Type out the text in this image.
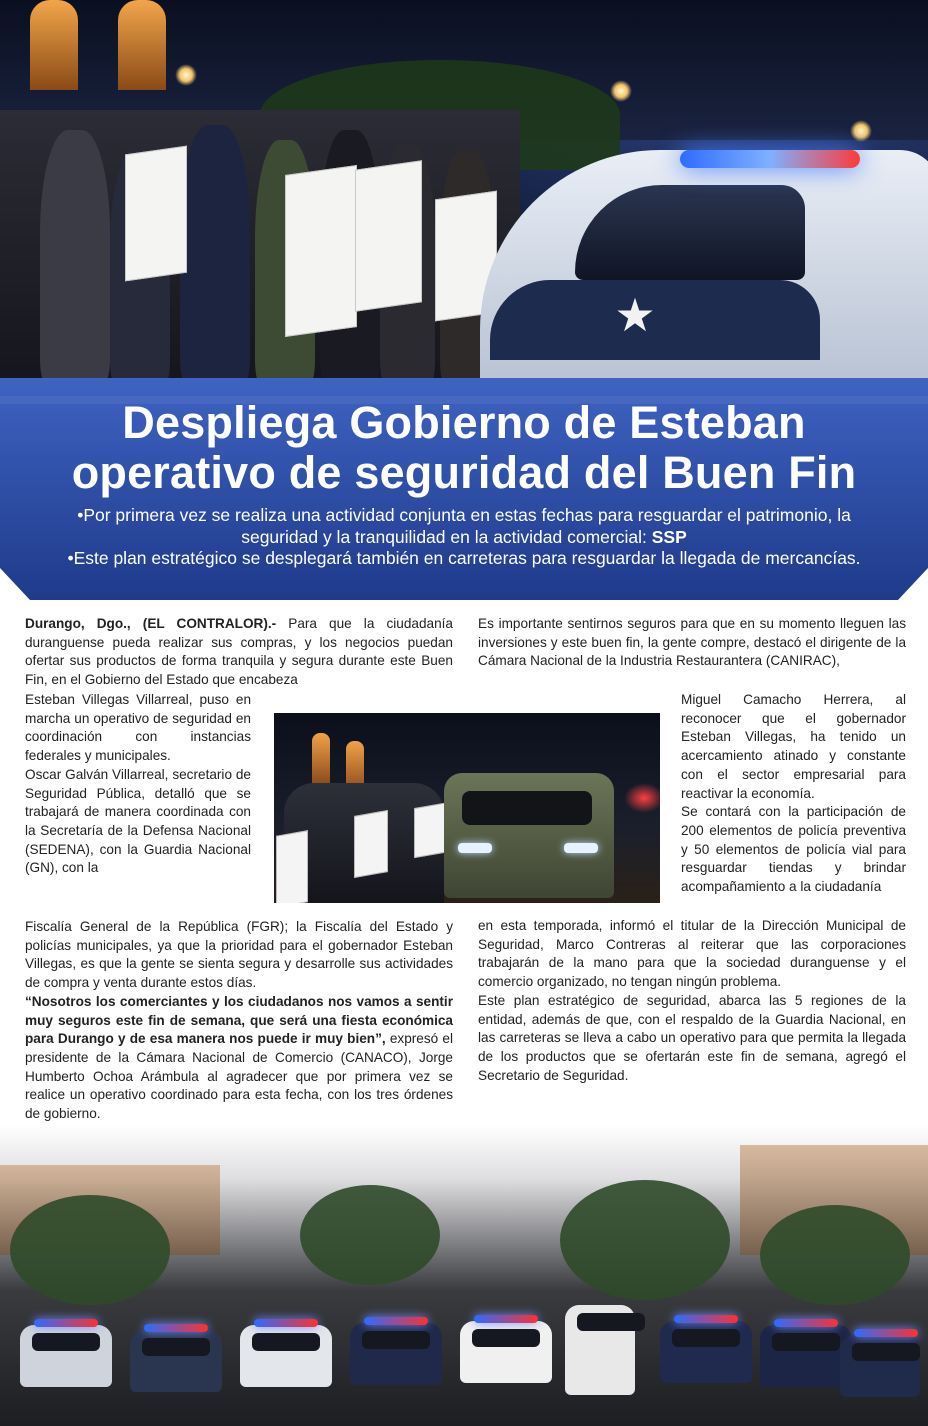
★
Despliega Gobierno de Esteban
operativo de seguridad del Buen Fin
•Por primera vez se realiza una actividad conjunta en estas fechas para resguardar el patrimonio, la seguridad y la tranquilidad en la actividad comercial: SSP
•Este plan estratégico se desplegará también en carreteras para resguardar la llegada de mercancías.

Durango, Dgo., (EL CONTRALOR).- Para que la ciudadanía duranguense pueda realizar sus compras, y los negocios puedan ofertar sus productos de forma tranquila y segura durante este Buen Fin, en el Gobierno del Estado que encabeza

Esteban Villegas Villarreal, puso en marcha un operativo de seguridad en coordinación con instancias federales y municipales.

Oscar Galván Villarreal, secretario de Seguridad Pública, detalló que se trabajará de manera coordinada con la Secretaría de la Defensa Nacional (SEDENA), con la Guardia Nacional (GN), con la

Fiscalía General de la República (FGR); la Fiscalía del Estado y policías municipales, ya que la prioridad para el gobernador Esteban Villegas, es que la gente se sienta segura y desarrolle sus actividades de compra y venta durante estos días.

“Nosotros los comerciantes y los ciudadanos nos vamos a sentir muy seguros este fin de semana, que será una fiesta económica para Durango y de esa manera nos puede ir muy bien”, expresó el presidente de la Cámara Nacional de Comercio (CANACO), Jorge Humberto Ochoa Arámbula al agradecer que por primera vez se realice un operativo coordinado para esta fecha, con los tres órdenes de gobierno.

Es importante sentirnos seguros para que en su momento lleguen las inversiones y este buen fin, la gente compre, destacó el dirigente de la Cámara Nacional de la Industria Restaurantera (CANIRAC),

Miguel Camacho Herrera, al reconocer que el gobernador Esteban Villegas, ha tenido un acercamiento atinado y constante con el sector empresarial para reactivar la economía.

Se contará con la participación de 200 elementos de policía preventiva y 50 elementos de policía vial para resguardar tiendas y brindar acompañamiento a la ciudadanía

en esta temporada, informó el titular de la Dirección Municipal de Seguridad, Marco Contreras al reiterar que las corporaciones trabajarán de la mano para que la sociedad duranguense y el comercio organizado, no tengan ningún problema.

Este plan estratégico de seguridad, abarca las 5 regiones de la entidad, además de que, con el respaldo de la Guardia Nacional, en las carreteras se lleva a cabo un operativo para que permita la llegada de los productos que se ofertarán este fin de semana, agregó el Secretario de Seguridad.
